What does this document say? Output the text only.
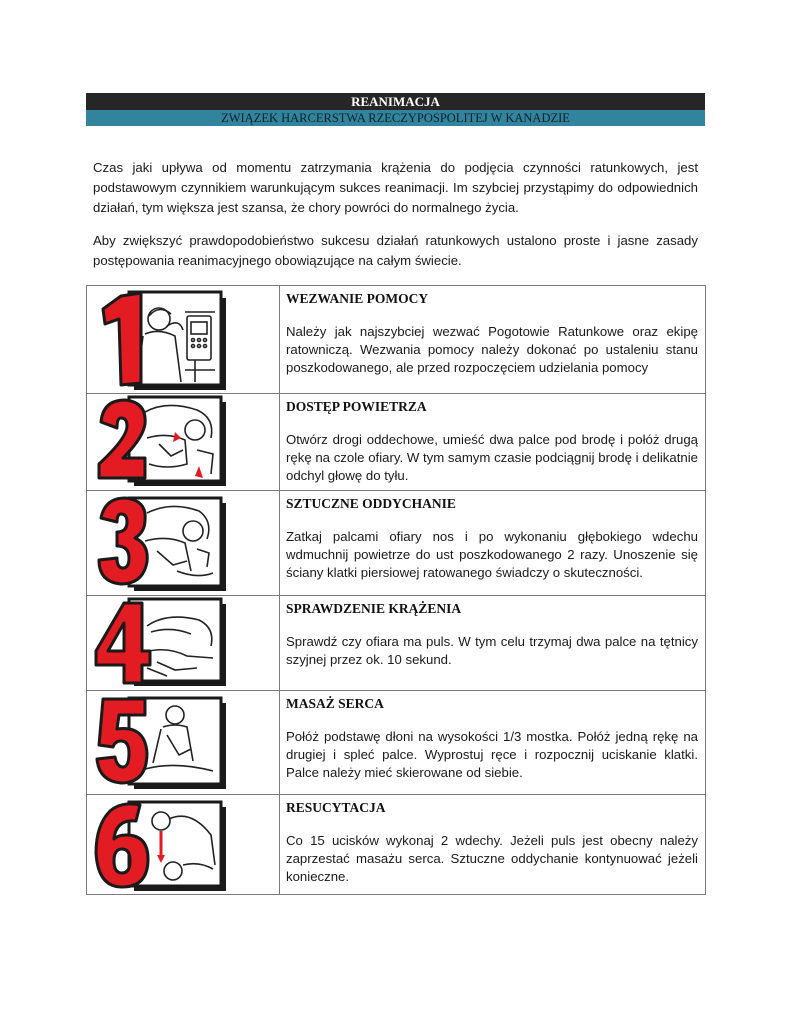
REANIMACJA
ZWIĄZEK HARCERSTWA RZECZYPOSPOLITEJ W KANADZIE

Czas jaki upływa od momentu zatrzymania krążenia do podjęcia czynności ratunkowych, jest podstawowym czynnikiem warunkującym sukces reanimacji. Im szybciej przystąpimy do odpowiednich działań, tym większa jest szansa, że chory powróci do normalnego życia.

Aby zwiększyć prawdopodobieństwo sukcesu działań ratunkowych ustalono proste i jasne zasady postępowania reanimacyjnego obowiązujące na całym świecie.

WEZWANIE POMOCY
Należy jak najszybciej wezwać Pogotowie Ratunkowe oraz ekipę ratowniczą. Wezwania pomocy należy dokonać po ustaleniu stanu poszkodowanego, ale przed rozpoczęciem udzielania pomocy

DOSTĘP POWIETRZA
Otwórz drogi oddechowe, umieść dwa palce pod brodę i połóż drugą rękę na czole ofiary. W tym samym czasie podciągnij brodę i delikatnie odchyl głowę do tyłu.

SZTUCZNE ODDYCHANIE
Zatkaj palcami ofiary nos i po wykonaniu głębokiego wdechu wdmuchnij powietrze do ust poszkodowanego 2 razy. Unoszenie się ściany klatki piersiowej ratowanego świadczy o skuteczności.

SPRAWDZENIE KRĄŻENIA
Sprawdź czy ofiara ma puls. W tym celu trzymaj dwa palce na tętnicy szyjnej przez ok. 10 sekund.

MASAŻ SERCA
Połóż podstawę dłoni na wysokości 1/3 mostka. Połóż jedną rękę na drugiej i spleć palce. Wyprostuj ręce i rozpocznij uciskanie klatki. Palce należy mieć skierowane od siebie.

RESUCYTACJA
Co 15 ucisków wykonaj 2 wdechy. Jeżeli puls jest obecny należy zaprzestać masażu serca. Sztuczne oddychanie kontynuować jeżeli konieczne.
